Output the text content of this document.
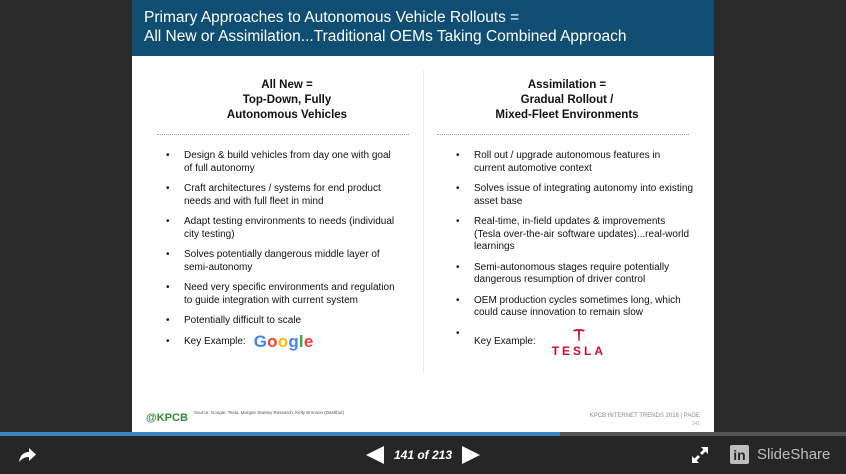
Primary Approaches to Autonomous Vehicle Rollouts =
All New or Assimilation...Traditional OEMs Taking Combined Approach
All New =
Top-Down, Fully
Autonomous Vehicles
Assimilation =
Gradual Rollout /
Mixed-Fleet Environments
• Design & build vehicles from day one with goal of full autonomy
• Craft architectures / systems for end product needs and with full fleet in mind
• Adapt testing environments to needs (individual city testing)
• Solves potentially dangerous middle layer of semi-autonomy
• Need very specific environments and regulation to guide integration with current system
• Potentially difficult to scale
• Key Example: Google
• Roll out / upgrade autonomous features in current automotive context
• Solves issue of integrating autonomy into existing asset base
• Real-time, in-field updates & improvements (Tesla over-the-air software updates)...real-world learnings
• Semi-autonomous stages require potentially dangerous resumption of driver control
• OEM production cycles sometimes long, which could cause innovation to remain slow
• Key Example:
TESLA
@KPCB Source: Google, Tesla, Morgan Stanley Research, Kelly Bronson (Dashbot)
KPCB INTERNET TRENDS 2016 | PAGE
141
141 of 213	in SlideShare
